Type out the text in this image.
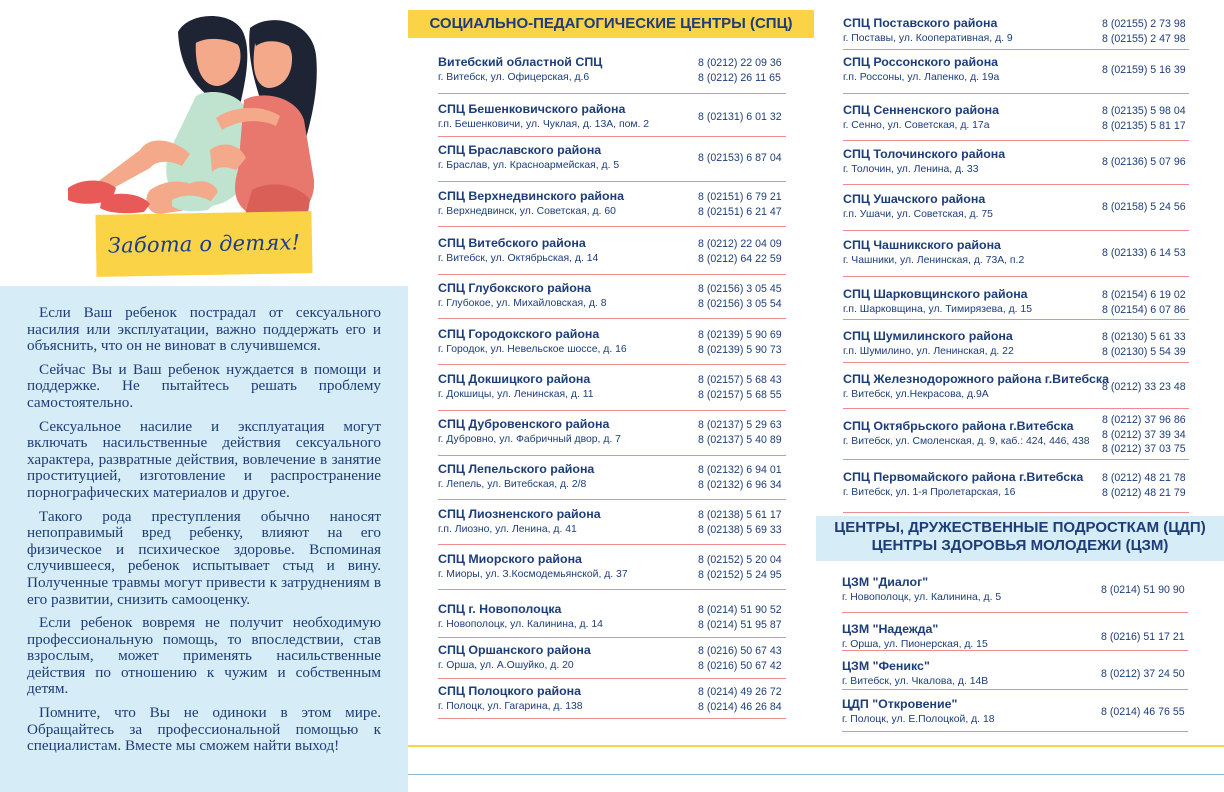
Забота о детях!

Если Ваш ребенок пострадал от сексуального насилия или эксплуатации, важно поддержать его и объяснить, что он не виноват в случившемся.

Сейчас Вы и Ваш ребенок нуждается в помощи и поддержке. Не пытайтесь решать проблему самостоятельно.

Сексуальное насилие и эксплуатация могут включать насильственные действия сексуального характера, развратные действия, вовлечение в занятие проституцией, изготовление и распространение порнографических материалов и другое.

Такого рода преступления обычно наносят непоправимый вред ребенку, влияют на его физическое и психическое здоровье. Вспоминая случившееся, ребенок испытывает стыд и вину. Полученные травмы могут привести к затруднениям в его развитии, снизить самооценку.

Если ребенок вовремя не получит необходимую профессиональную помощь, то впоследствии, став взрослым, может применять насильственные действия по отношению к чужим и собственным детям.

Помните, что Вы не одиноки в этом мире. Обращайтесь за профессиональной помощью к специалистам. Вместе мы сможем найти выход!

СОЦИАЛЬНО-ПЕДАГОГИЧЕСКИЕ ЦЕНТРЫ (СПЦ)
Витебский областной СПЦ
г. Витебск, ул. Офицерская, д.6
8 (0212) 22 09 36
8 (0212) 26 11 65
СПЦ Бешенковичского района
г.п. Бешенковичи, ул. Чуклая, д. 13А, пом. 2
8 (02131) 6 01 32
СПЦ Браславского района
г. Браслав, ул. Красноармейская, д. 5
8 (02153) 6 87 04
СПЦ Верхнедвинского района
г. Верхнедвинск, ул. Советская, д. 60
8 (02151) 6 79 21
8 (02151) 6 21 47
СПЦ Витебского района
г. Витебск, ул. Октябрьская, д. 14
8 (0212) 22 04 09
8 (0212) 64 22 59
СПЦ Глубокского района
г. Глубокое, ул. Михайловская, д. 8
8 (02156) 3 05 45
8 (02156) 3 05 54
СПЦ Городокского района
г. Городок, ул. Невельское шоссе, д. 16
8 (02139) 5 90 69
8 (02139) 5 90 73
СПЦ Докшицкого района
г. Докшицы, ул. Ленинская, д. 11
8 (02157) 5 68 43
8 (02157) 5 68 55
СПЦ Дубровенского района
г. Дубровно, ул. Фабричный двор, д. 7
8 (02137) 5 29 63
8 (02137) 5 40 89
СПЦ Лепельского района
г. Лепель, ул. Витебская, д. 2/8
8 (02132) 6 94 01
8 (02132) 6 96 34
СПЦ Лиозненского района
г.п. Лиозно, ул. Ленина, д. 41
8 (02138) 5 61 17
8 (02138) 5 69 33
СПЦ Миорского района
г. Миоры, ул. З.Космодемьянской, д. 37
8 (02152) 5 20 04
8 (02152) 5 24 95
СПЦ г. Новополоцка
г. Новополоцк, ул. Калинина, д. 14
8 (0214) 51 90 52
8 (0214) 51 95 87
СПЦ Оршанского района
г. Орша, ул. А.Ошуйко, д. 20
8 (0216) 50 67 43
8 (0216) 50 67 42
СПЦ Полоцкого района
г. Полоцк, ул. Гагарина, д. 138
8 (0214) 49 26 72
8 (0214) 46 26 84
СПЦ Поставского района
г. Поставы, ул. Кооперативная, д. 9
8 (02155) 2 73 98
8 (02155) 2 47 98
СПЦ Россонского района
г.п. Россоны, ул. Лапенко, д. 19а
8 (02159) 5 16 39
СПЦ Сенненского района
г. Сенно, ул. Советская, д. 17а
8 (02135) 5 98 04
8 (02135) 5 81 17
СПЦ Толочинского района
г. Толочин, ул. Ленина, д. 33
8 (02136) 5 07 96
СПЦ Ушачского района
г.п. Ушачи, ул. Советская, д. 75
8 (02158) 5 24 56
СПЦ Чашникского района
г. Чашники, ул. Ленинская, д. 73А, п.2
8 (02133) 6 14 53
СПЦ Шарковщинского района
г.п. Шарковщина, ул. Тимирязева, д. 15
8 (02154) 6 19 02
8 (02154) 6 07 86
СПЦ Шумилинского района
г.п. Шумилино, ул. Ленинская, д. 22
8 (02130) 5 61 33
8 (02130) 5 54 39
СПЦ Железнодорожного района г.Витебска
г. Витебск, ул.Некрасова, д.9А
8 (0212) 33 23 48
СПЦ Октябрьского района г.Витебска
г. Витебск, ул. Смоленская, д. 9, каб.: 424, 446, 438
8 (0212) 37 96 86
8 (0212) 37 39 34
8 (0212) 37 03 75
СПЦ Первомайского района г.Витебска
г. Витебск, ул. 1-я Пролетарская, 16
8 (0212) 48 21 78
8 (0212) 48 21 79
ЦЕНТРЫ, ДРУЖЕСТВЕННЫЕ ПОДРОСТКАМ (ЦДП)
ЦЕНТРЫ ЗДОРОВЬЯ МОЛОДЕЖИ (ЦЗМ)
ЦЗМ "Диалог"
г. Новополоцк, ул. Калинина, д. 5
8 (0214) 51 90 90
ЦЗМ "Надежда"
г. Орша, ул. Пионерская, д. 15
8 (0216) 51 17 21
ЦЗМ "Феникс"
г. Витебск, ул. Чкалова, д. 14В
8 (0212) 37 24 50
ЦДП "Откровение"
г. Полоцк, ул. Е.Полоцкой, д. 18
8 (0214) 46 76 55
